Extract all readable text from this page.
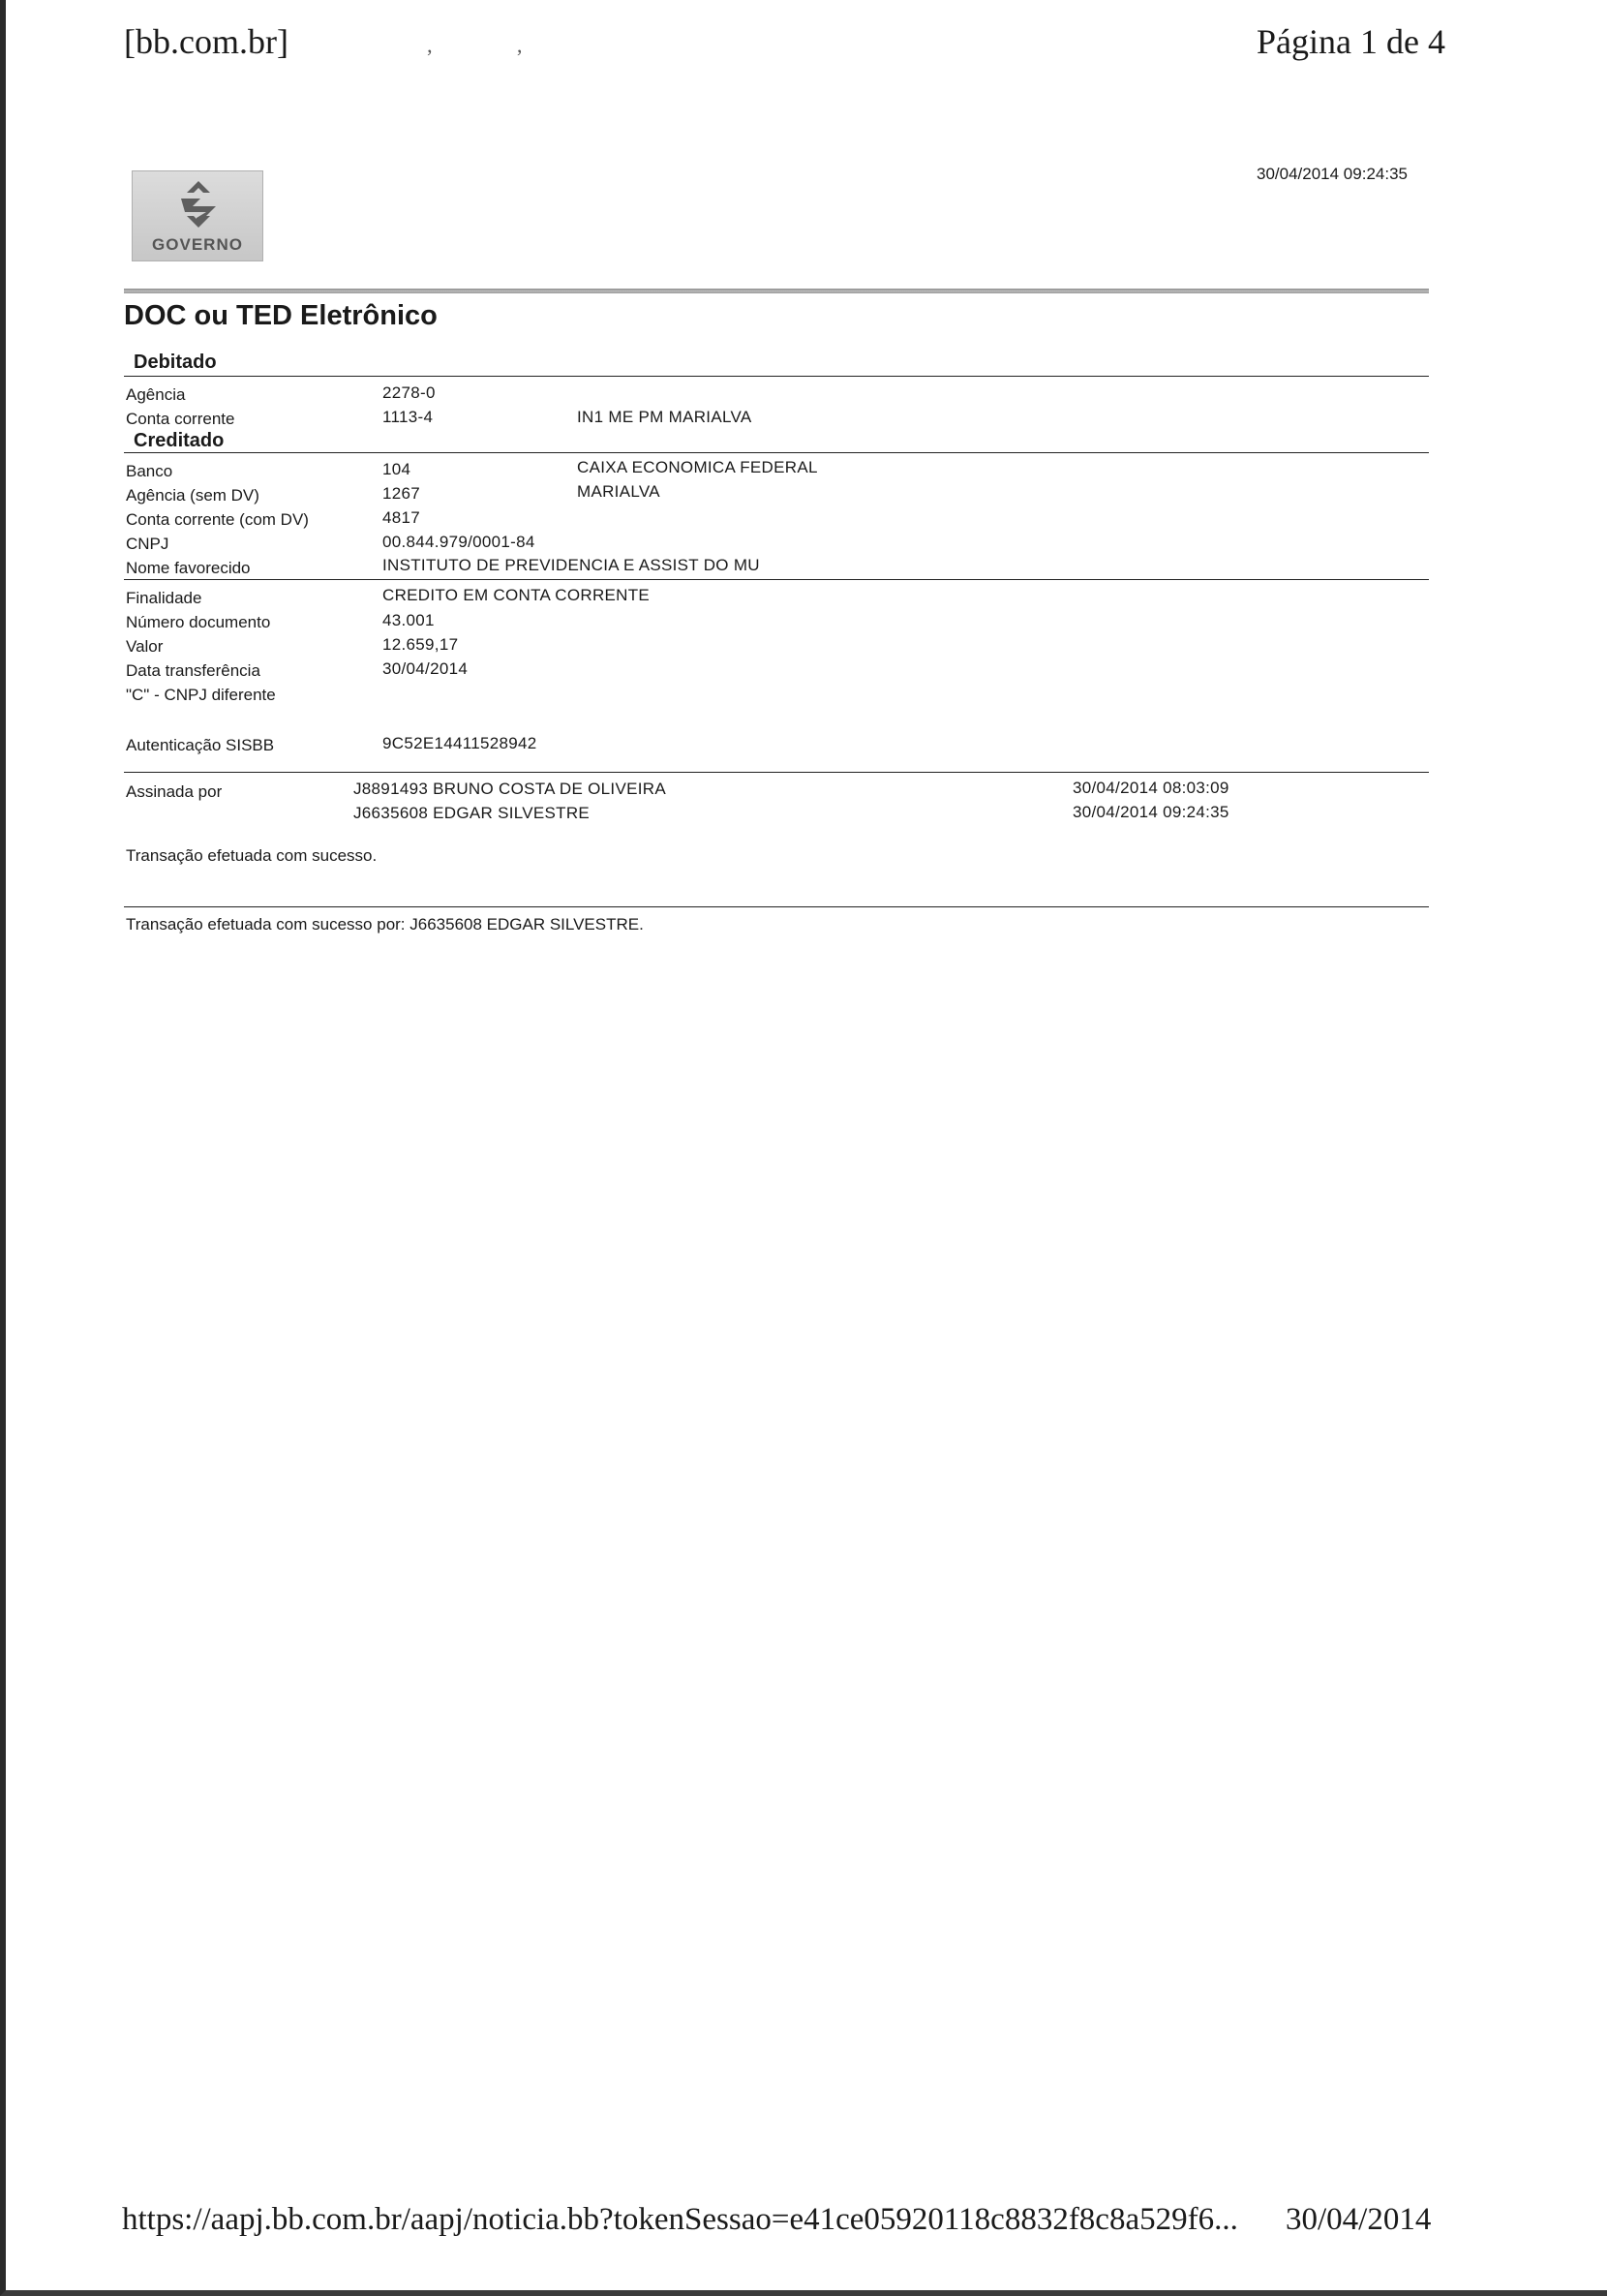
[bb.com.br]	‚ ‚	Página 1 de 4
30/04/2014 09:24:35
GOVERNO
DOC ou TED Eletrônico
Debitado
Agência	2278-0
Conta corrente	1113-4	IN1 ME PM MARIALVA
Creditado
Banco	104	CAIXA ECONOMICA FEDERAL
Agência (sem DV)	1267	MARIALVA
Conta corrente (com DV)	4817
CNPJ	00.844.979/0001-84
Nome favorecido	INSTITUTO DE PREVIDENCIA E ASSIST DO MU
Finalidade	CREDITO EM CONTA CORRENTE
Número documento	43.001
Valor	12.659,17
Data transferência	30/04/2014
"C" - CNPJ diferente
Autenticação SISBB	9C52E14411528942
Assinada por	J8891493 BRUNO COSTA DE OLIVEIRA	30/04/2014 08:03:09
J6635608 EDGAR SILVESTRE	30/04/2014 09:24:35
Transação efetuada com sucesso.
Transação efetuada com sucesso por: J6635608 EDGAR SILVESTRE.
https://aapj.bb.com.br/aapj/noticia.bb?tokenSessao=e41ce05920118c8832f8c8a529f6... 30/04/2014
